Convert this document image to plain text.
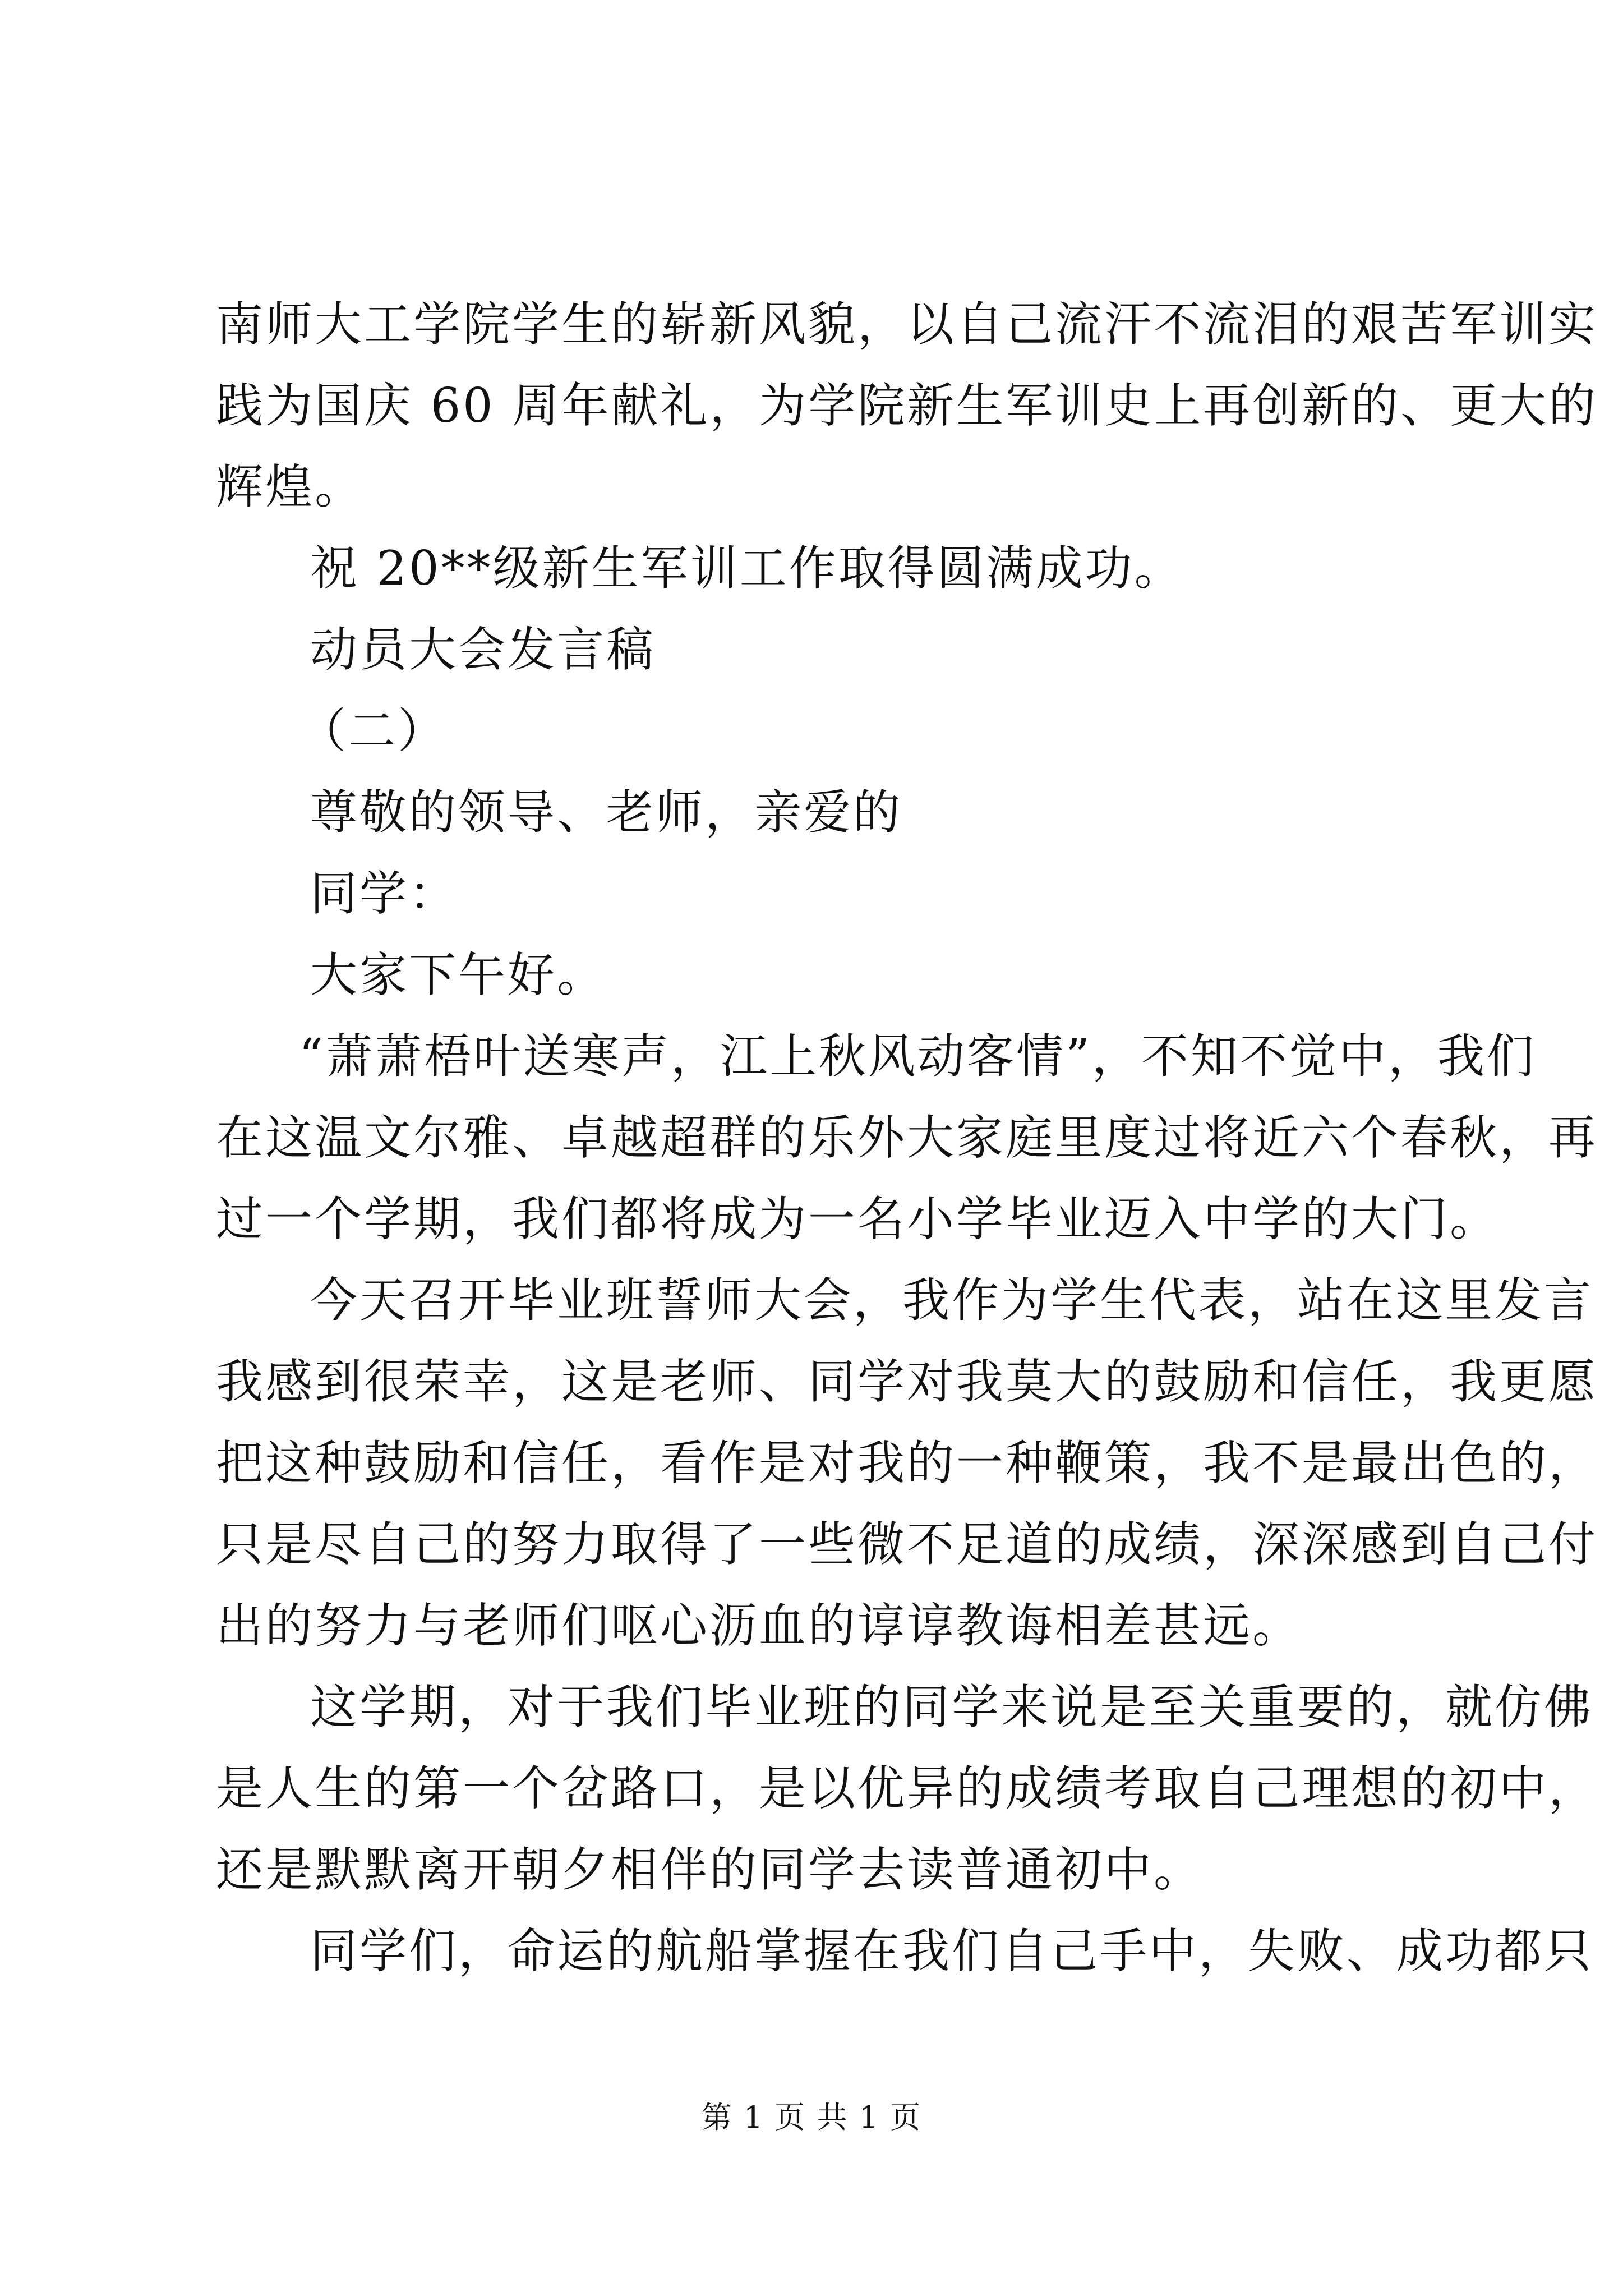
南师大工学院学生的崭新风貌，以自己流汗不流泪的艰苦军训实
践为国庆 60 周年献礼，为学院新生军训史上再创新的、更大的
辉煌。
祝 20**级新生军训工作取得圆满成功。
动员大会发言稿
（二）
尊敬的领导、老师，亲爱的
同学：
大家下午好。
“萧萧梧叶送寒声，江上秋风动客情”，不知不觉中，我们
在这温文尔雅、卓越超群的乐外大家庭里度过将近六个春秋，再
过一个学期，我们都将成为一名小学毕业迈入中学的大门。
今天召开毕业班誓师大会，我作为学生代表，站在这里发言
我感到很荣幸，这是老师、同学对我莫大的鼓励和信任，我更愿
把这种鼓励和信任，看作是对我的一种鞭策，我不是最出色的，
只是尽自己的努力取得了一些微不足道的成绩，深深感到自己付
出的努力与老师们呕心沥血的谆谆教诲相差甚远。
这学期，对于我们毕业班的同学来说是至关重要的，就仿佛
是人生的第一个岔路口，是以优异的成绩考取自己理想的初中，
还是默默离开朝夕相伴的同学去读普通初中。
同学们，命运的航船掌握在我们自己手中，失败、成功都只
第 1 页 共 1 页
